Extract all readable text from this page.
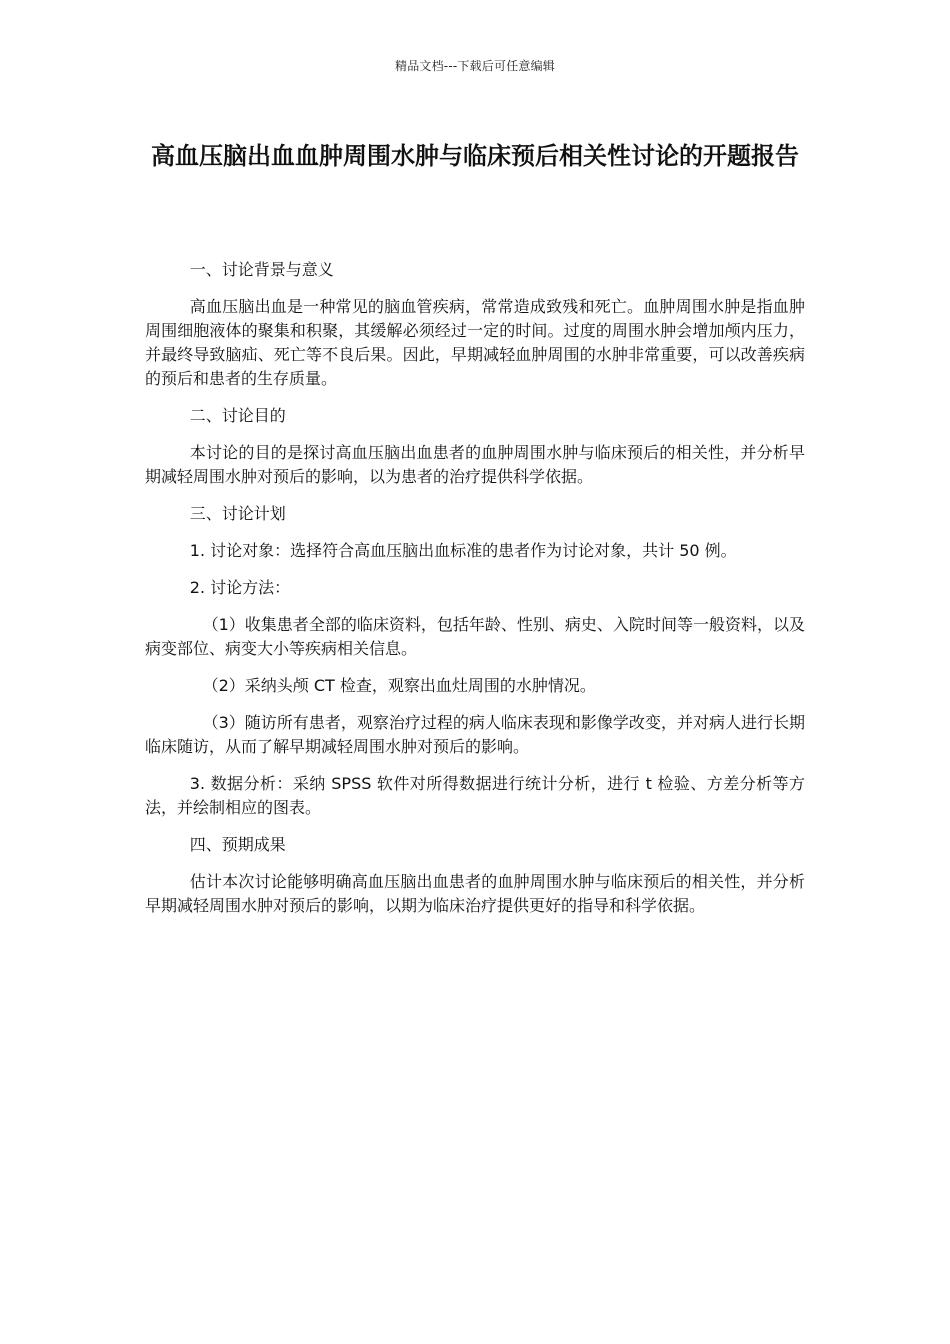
精品文档---下载后可任意编辑
高血压脑出血血肿周围水肿与临床预后相关性讨论的开题报告

一、讨论背景与意义

高血压脑出血是一种常见的脑血管疾病，常常造成致残和死亡。血肿周围水肿是指血肿周围细胞液体的聚集和积聚，其缓解必须经过一定的时间。过度的周围水肿会增加颅内压力，并最终导致脑疝、死亡等不良后果。因此，早期减轻血肿周围的水肿非常重要，可以改善疾病的预后和患者的生存质量。

二、讨论目的

本讨论的目的是探讨高血压脑出血患者的血肿周围水肿与临床预后的相关性，并分析早期减轻周围水肿对预后的影响，以为患者的治疗提供科学依据。

三、讨论计划

1. 讨论对象：选择符合高血压脑出血标准的患者作为讨论对象，共计 50 例。

2. 讨论方法：

（1）收集患者全部的临床资料，包括年龄、性别、病史、入院时间等一般资料，以及病变部位、病变大小等疾病相关信息。

（2）采纳头颅 CT 检查，观察出血灶周围的水肿情况。

（3）随访所有患者，观察治疗过程的病人临床表现和影像学改变，并对病人进行长期临床随访，从而了解早期减轻周围水肿对预后的影响。

3. 数据分析：采纳 SPSS 软件对所得数据进行统计分析，进行 t 检验、方差分析等方法，并绘制相应的图表。

四、预期成果

估计本次讨论能够明确高血压脑出血患者的血肿周围水肿与临床预后的相关性，并分析早期减轻周围水肿对预后的影响，以期为临床治疗提供更好的指导和科学依据。
